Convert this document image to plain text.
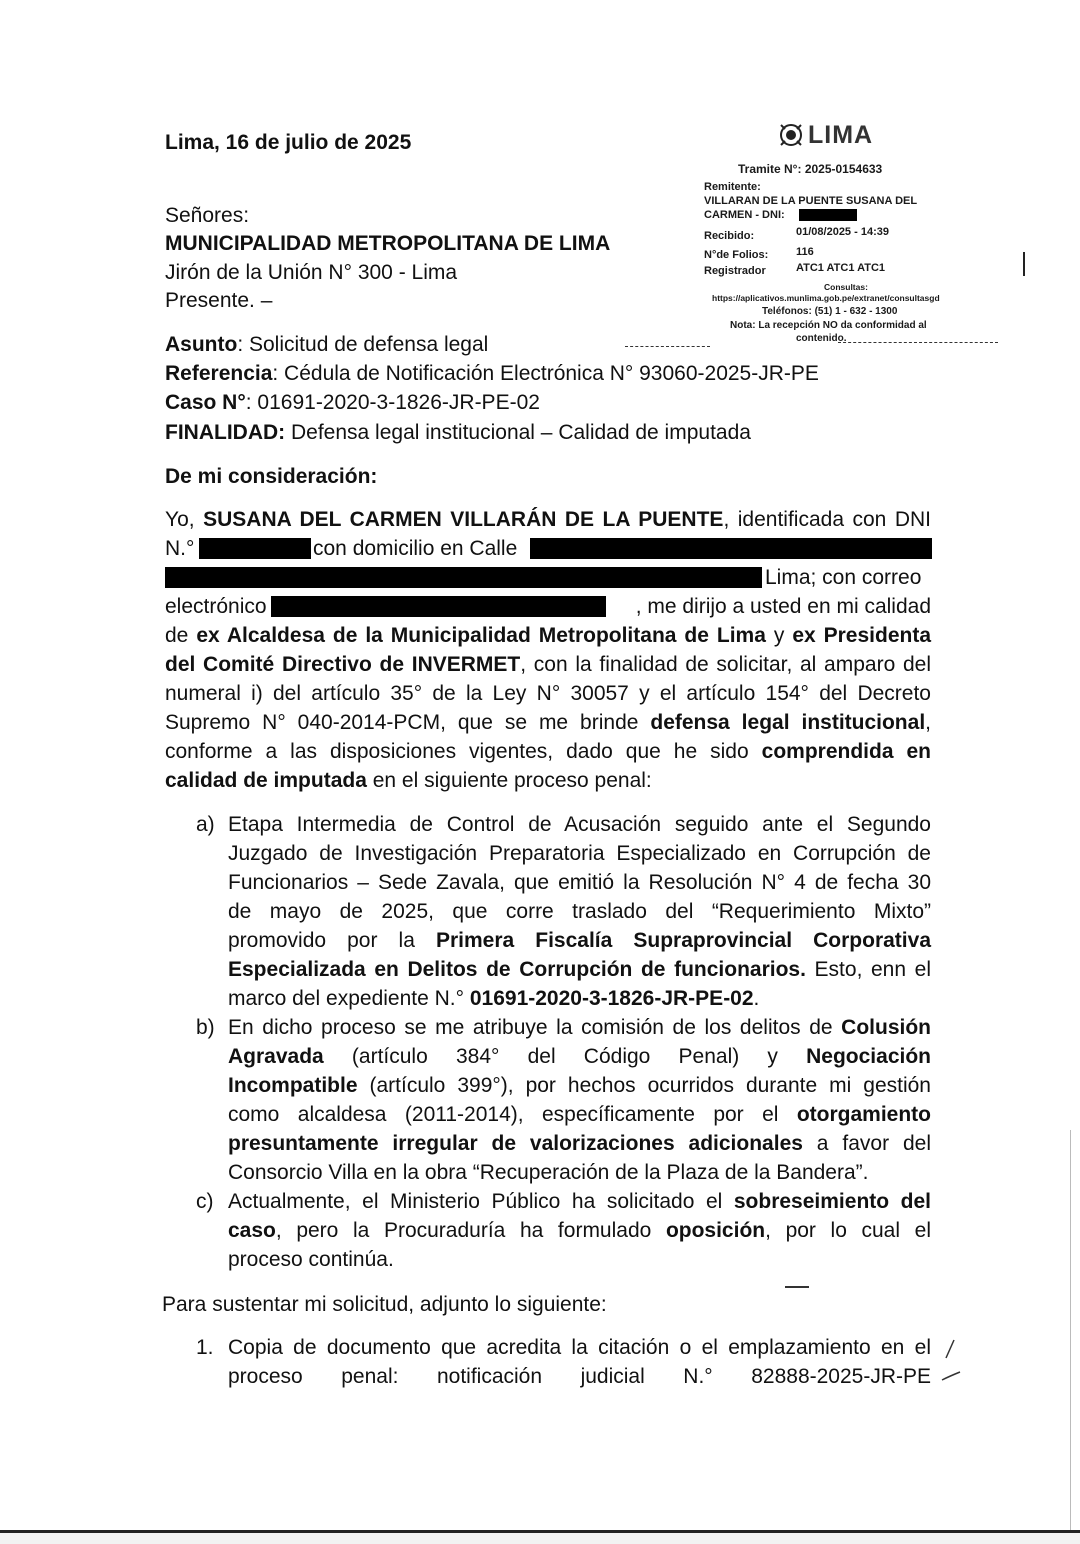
Lima, 16 de julio de 2025	LIMA
Tramite N°: 2025-0154633
Remitente:
VILLARAN DE LA PUENTE SUSANA DEL
CARMEN - DNI:
Recibido:	01/08/2025 - 14:39
N°de Folios:	116
Registrador	ATC1 ATC1 ATC1
Consultas:
https://aplicativos.munlima.gob.pe/extranet/consultasgd
Teléfonos: (51) 1 - 632 - 1300
Nota: La recepción NO da conformidad al
contenido.
Señores:
MUNICIPALIDAD METROPOLITANA DE LIMA
Jirón de la Unión N° 300 - Lima
Presente. –
Asunto: Solicitud de defensa legal
Referencia: Cédula de Notificación Electrónica N° 93060-2025-JR-PE
Caso N°: 01691-2020-3-1826-JR-PE-02
FINALIDAD: Defensa legal institucional – Calidad de imputada
De mi consideración:
Yo, SUSANA DEL CARMEN VILLARÁN DE LA PUENTE, identificada con DNI
N.°	con domicilio en Calle
Lima; con correo
electrónico	, me dirijo a usted en mi calidad
de ex Alcaldesa de la Municipalidad Metropolitana de Lima y ex Presidenta
del Comité Directivo de INVERMET, con la finalidad de solicitar, al amparo del
numeral i) del artículo 35° de la Ley N° 30057 y el artículo 154° del Decreto
Supremo N° 040-2014-PCM, que se me brinde defensa legal institucional,
conforme a las disposiciones vigentes, dado que he sido comprendida en
calidad de imputada en el siguiente proceso penal:
a) Etapa Intermedia de Control de Acusación seguido ante el Segundo
Juzgado de Investigación Preparatoria Especializado en Corrupción de
Funcionarios – Sede Zavala, que emitió la Resolución N° 4 de fecha 30
de mayo de 2025, que corre traslado del “Requerimiento Mixto”
promovido por la Primera Fiscalía Supraprovincial Corporativa
Especializada en Delitos de Corrupción de funcionarios. Esto, enn el
marco del expediente N.° 01691-2020-3-1826-JR-PE-02.
b) En dicho proceso se me atribuye la comisión de los delitos de Colusión
Agravada (artículo 384° del Código Penal) y Negociación
Incompatible (artículo 399°), por hechos ocurridos durante mi gestión
como alcaldesa (2011-2014), específicamente por el otorgamiento
presuntamente irregular de valorizaciones adicionales a favor del
Consorcio Villa en la obra “Recuperación de la Plaza de la Bandera”.
c) Actualmente, el Ministerio Público ha solicitado el sobreseimiento del
caso, pero la Procuraduría ha formulado oposición, por lo cual el
proceso continúa.
Para sustentar mi solicitud, adjunto lo siguiente:
1. Copia de documento que acredita la citación o el emplazamiento en el
proceso penal: notificación judicial N.° 82888-2025-JR-PE
